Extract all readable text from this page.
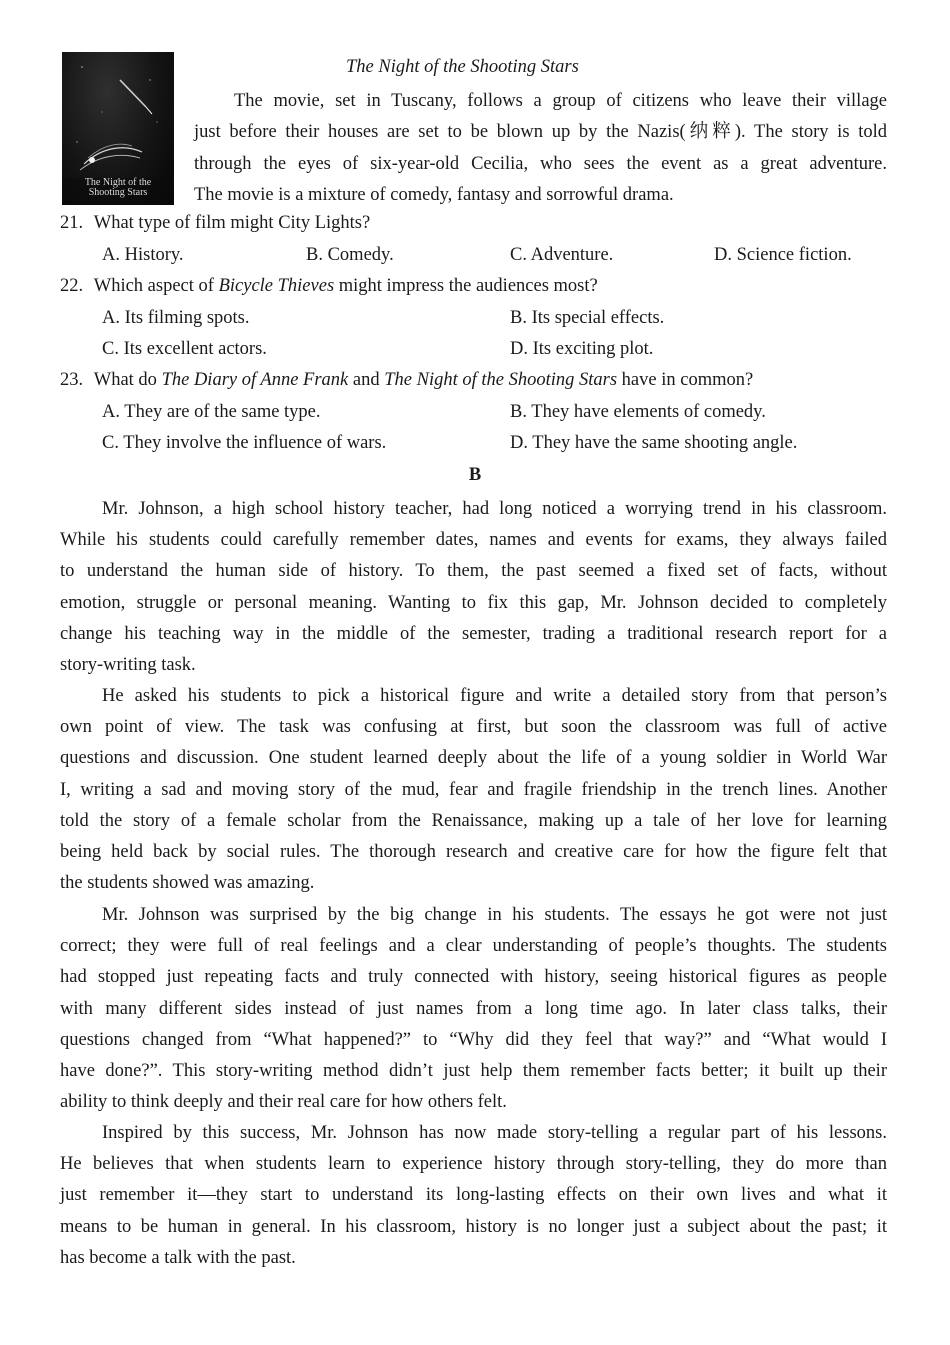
The Night of the
Shooting Stars
The Night of the Shooting Stars
The movie, set in Tuscany, follows a group of citizens who leave their village
just before their houses are set to be blown up by the Nazis(纳粹). The story is told
through the eyes of six-year-old Cecilia, who sees the event as a great adventure.
The movie is a mixture of comedy, fantasy and sorrowful drama.
21. What type of film might City Lights?
A. History.	B. Comedy.	C. Adventure.	D. Science fiction.
22. Which aspect of Bicycle Thieves might impress the audiences most?
A. Its filming spots.	B. Its special effects.
C. Its excellent actors.	D. Its exciting plot.
23. What do The Diary of Anne Frank and The Night of the Shooting Stars have in common?
A. They are of the same type.	B. They have elements of comedy.
C. They involve the influence of wars.	D. They have the same shooting angle.
B
Mr. Johnson, a high school history teacher, had long noticed a worrying trend in his classroom.
While his students could carefully remember dates, names and events for exams, they always failed
to understand the human side of history. To them, the past seemed a fixed set of facts, without
emotion, struggle or personal meaning. Wanting to fix this gap, Mr. Johnson decided to completely
change his teaching way in the middle of the semester, trading a traditional research report for a
story-writing task.
He asked his students to pick a historical figure and write a detailed story from that person’s
own point of view. The task was confusing at first, but soon the classroom was full of active
questions and discussion. One student learned deeply about the life of a young soldier in World War
I, writing a sad and moving story of the mud, fear and fragile friendship in the trench lines. Another
told the story of a female scholar from the Renaissance, making up a tale of her love for learning
being held back by social rules. The thorough research and creative care for how the figure felt that
the students showed was amazing.
Mr. Johnson was surprised by the big change in his students. The essays he got were not just
correct; they were full of real feelings and a clear understanding of people’s thoughts. The students
had stopped just repeating facts and truly connected with history, seeing historical figures as people
with many different sides instead of just names from a long time ago. In later class talks, their
questions changed from “What happened?” to “Why did they feel that way?” and “What would I
have done?”. This story-writing method didn’t just help them remember facts better; it built up their
ability to think deeply and their real care for how others felt.
Inspired by this success, Mr. Johnson has now made story-telling a regular part of his lessons.
He believes that when students learn to experience history through story-telling, they do more than
just remember it—they start to understand its long-lasting effects on their own lives and what it
means to be human in general. In his classroom, history is no longer just a subject about the past; it
has become a talk with the past.
